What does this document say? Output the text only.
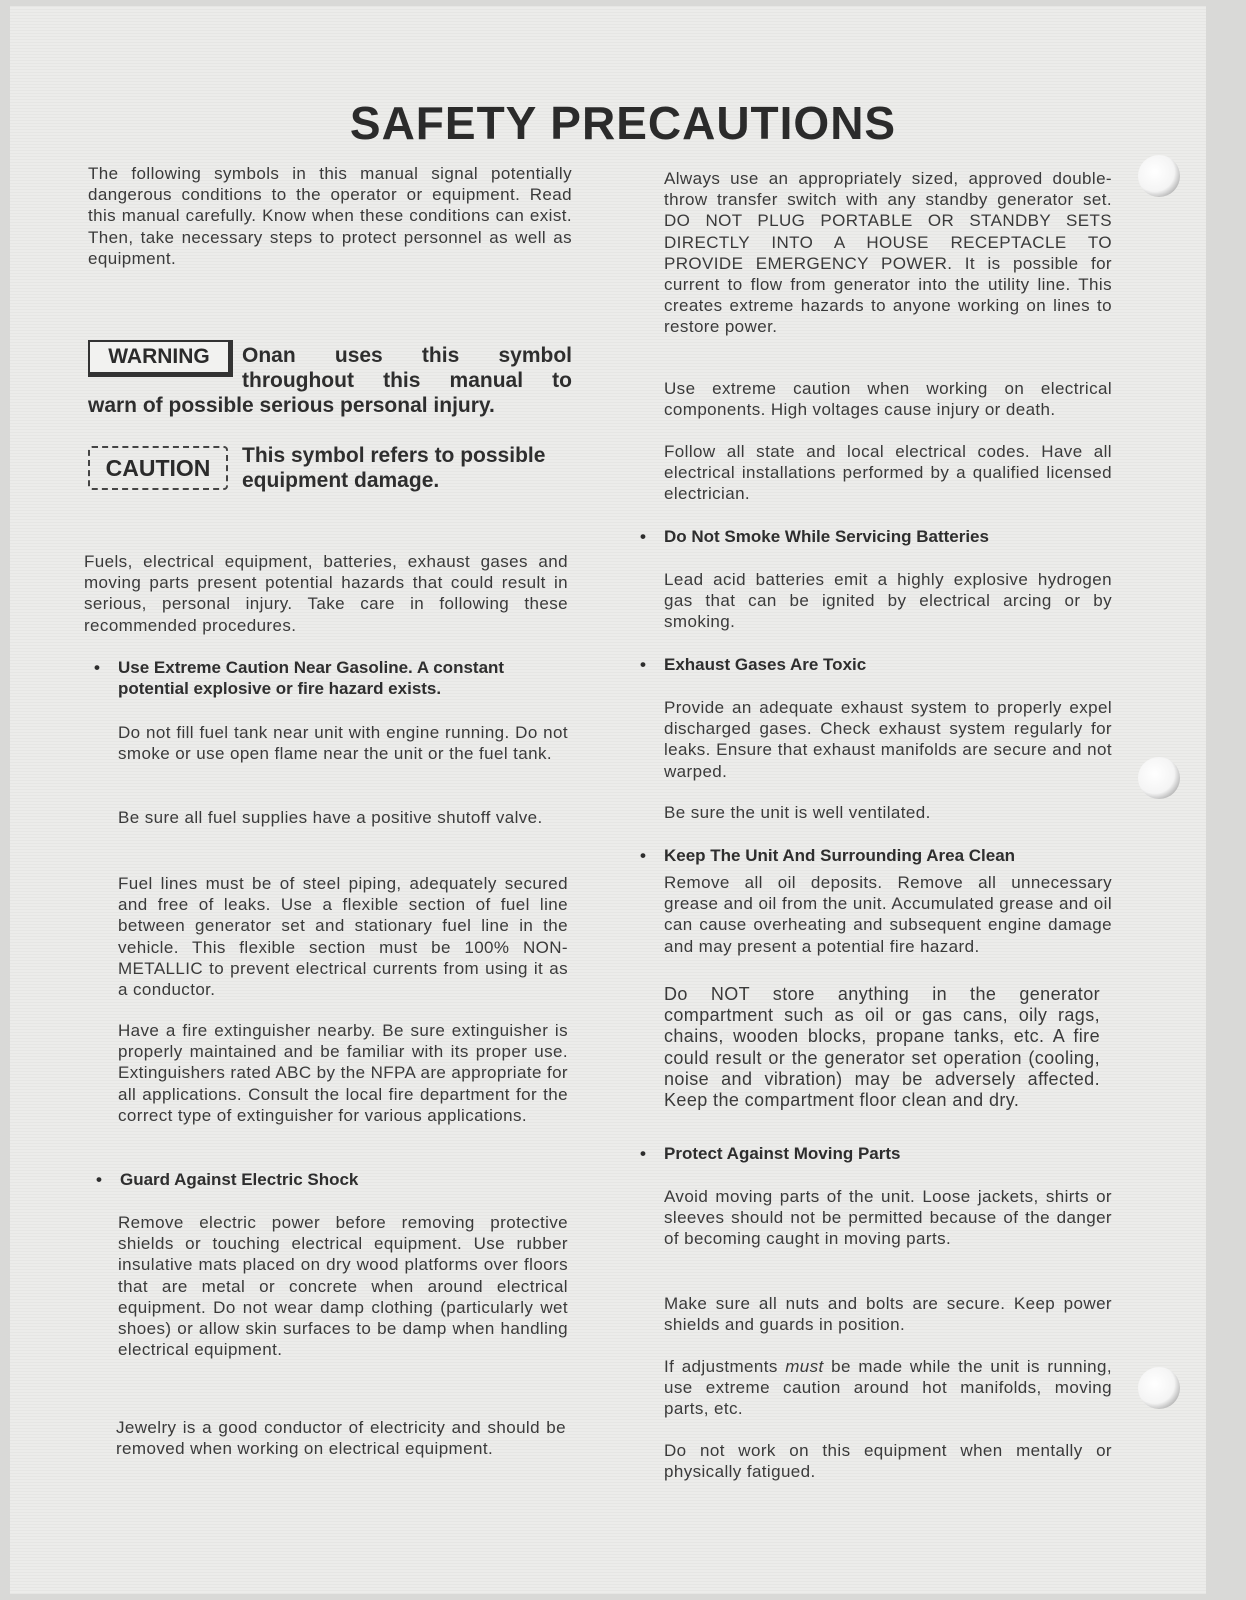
SAFETY PRECAUTIONS
The following symbols in this manual signal potentially dangerous conditions to the operator or equipment. Read this manual carefully. Know when these conditions can exist. Then, take necessary steps to protect personnel as well as equipment.
WARNING	Onan uses this symbol throughout this manual to
warn of possible serious personal injury.
CAUTION	This symbol refers to possible equipment damage.
Fuels, electrical equipment, batteries, exhaust gases and moving parts present potential hazards that could result in serious, personal injury. Take care in following these recommended procedures.
• Use Extreme Caution Near Gasoline. A constant potential explosive or fire hazard exists.
Do not fill fuel tank near unit with engine running. Do not smoke or use open flame near the unit or the fuel tank.
Be sure all fuel supplies have a positive shutoff valve.
Fuel lines must be of steel piping, adequately secured and free of leaks. Use a flexible section of fuel line between generator set and stationary fuel line in the vehicle. This flexible section must be 100% NON-METALLIC to prevent electrical currents from using it as a conductor.
Have a fire extinguisher nearby. Be sure extinguisher is properly maintained and be familiar with its proper use. Extinguishers rated ABC by the NFPA are appropriate for all applications. Consult the local fire department for the correct type of extinguisher for various applications.
• Guard Against Electric Shock
Remove electric power before removing protective shields or touching electrical equipment. Use rubber insulative mats placed on dry wood platforms over floors that are metal or concrete when around electrical equipment. Do not wear damp clothing (particularly wet shoes) or allow skin surfaces to be damp when handling electrical equipment.
Jewelry is a good conductor of electricity and should be removed when working on electrical equipment.
Always use an appropriately sized, approved double-throw transfer switch with any standby generator set. DO NOT PLUG PORTABLE OR STANDBY SETS DIRECTLY INTO A HOUSE RECEPTACLE TO PROVIDE EMERGENCY POWER. It is possible for current to flow from generator into the utility line. This creates extreme hazards to anyone working on lines to restore power.
Use extreme caution when working on electrical components. High voltages cause injury or death.
Follow all state and local electrical codes. Have all electrical installations performed by a qualified licensed electrician.
• Do Not Smoke While Servicing Batteries
Lead acid batteries emit a highly explosive hydrogen gas that can be ignited by electrical arcing or by smoking.
• Exhaust Gases Are Toxic
Provide an adequate exhaust system to properly expel discharged gases. Check exhaust system regularly for leaks. Ensure that exhaust manifolds are secure and not warped.
Be sure the unit is well ventilated.
• Keep The Unit And Surrounding Area Clean
Remove all oil deposits. Remove all unnecessary grease and oil from the unit. Accumulated grease and oil can cause overheating and subsequent engine damage and may present a potential fire hazard.
Do NOT store anything in the generator compartment such as oil or gas cans, oily rags, chains, wooden blocks, propane tanks, etc. A fire could result or the generator set operation (cooling, noise and vibration) may be adversely affected. Keep the compartment floor clean and dry.
• Protect Against Moving Parts
Avoid moving parts of the unit. Loose jackets, shirts or sleeves should not be permitted because of the danger of becoming caught in moving parts.
Make sure all nuts and bolts are secure. Keep power shields and guards in position.
If adjustments must be made while the unit is running, use extreme caution around hot manifolds, moving parts, etc.
Do not work on this equipment when mentally or physically fatigued.
